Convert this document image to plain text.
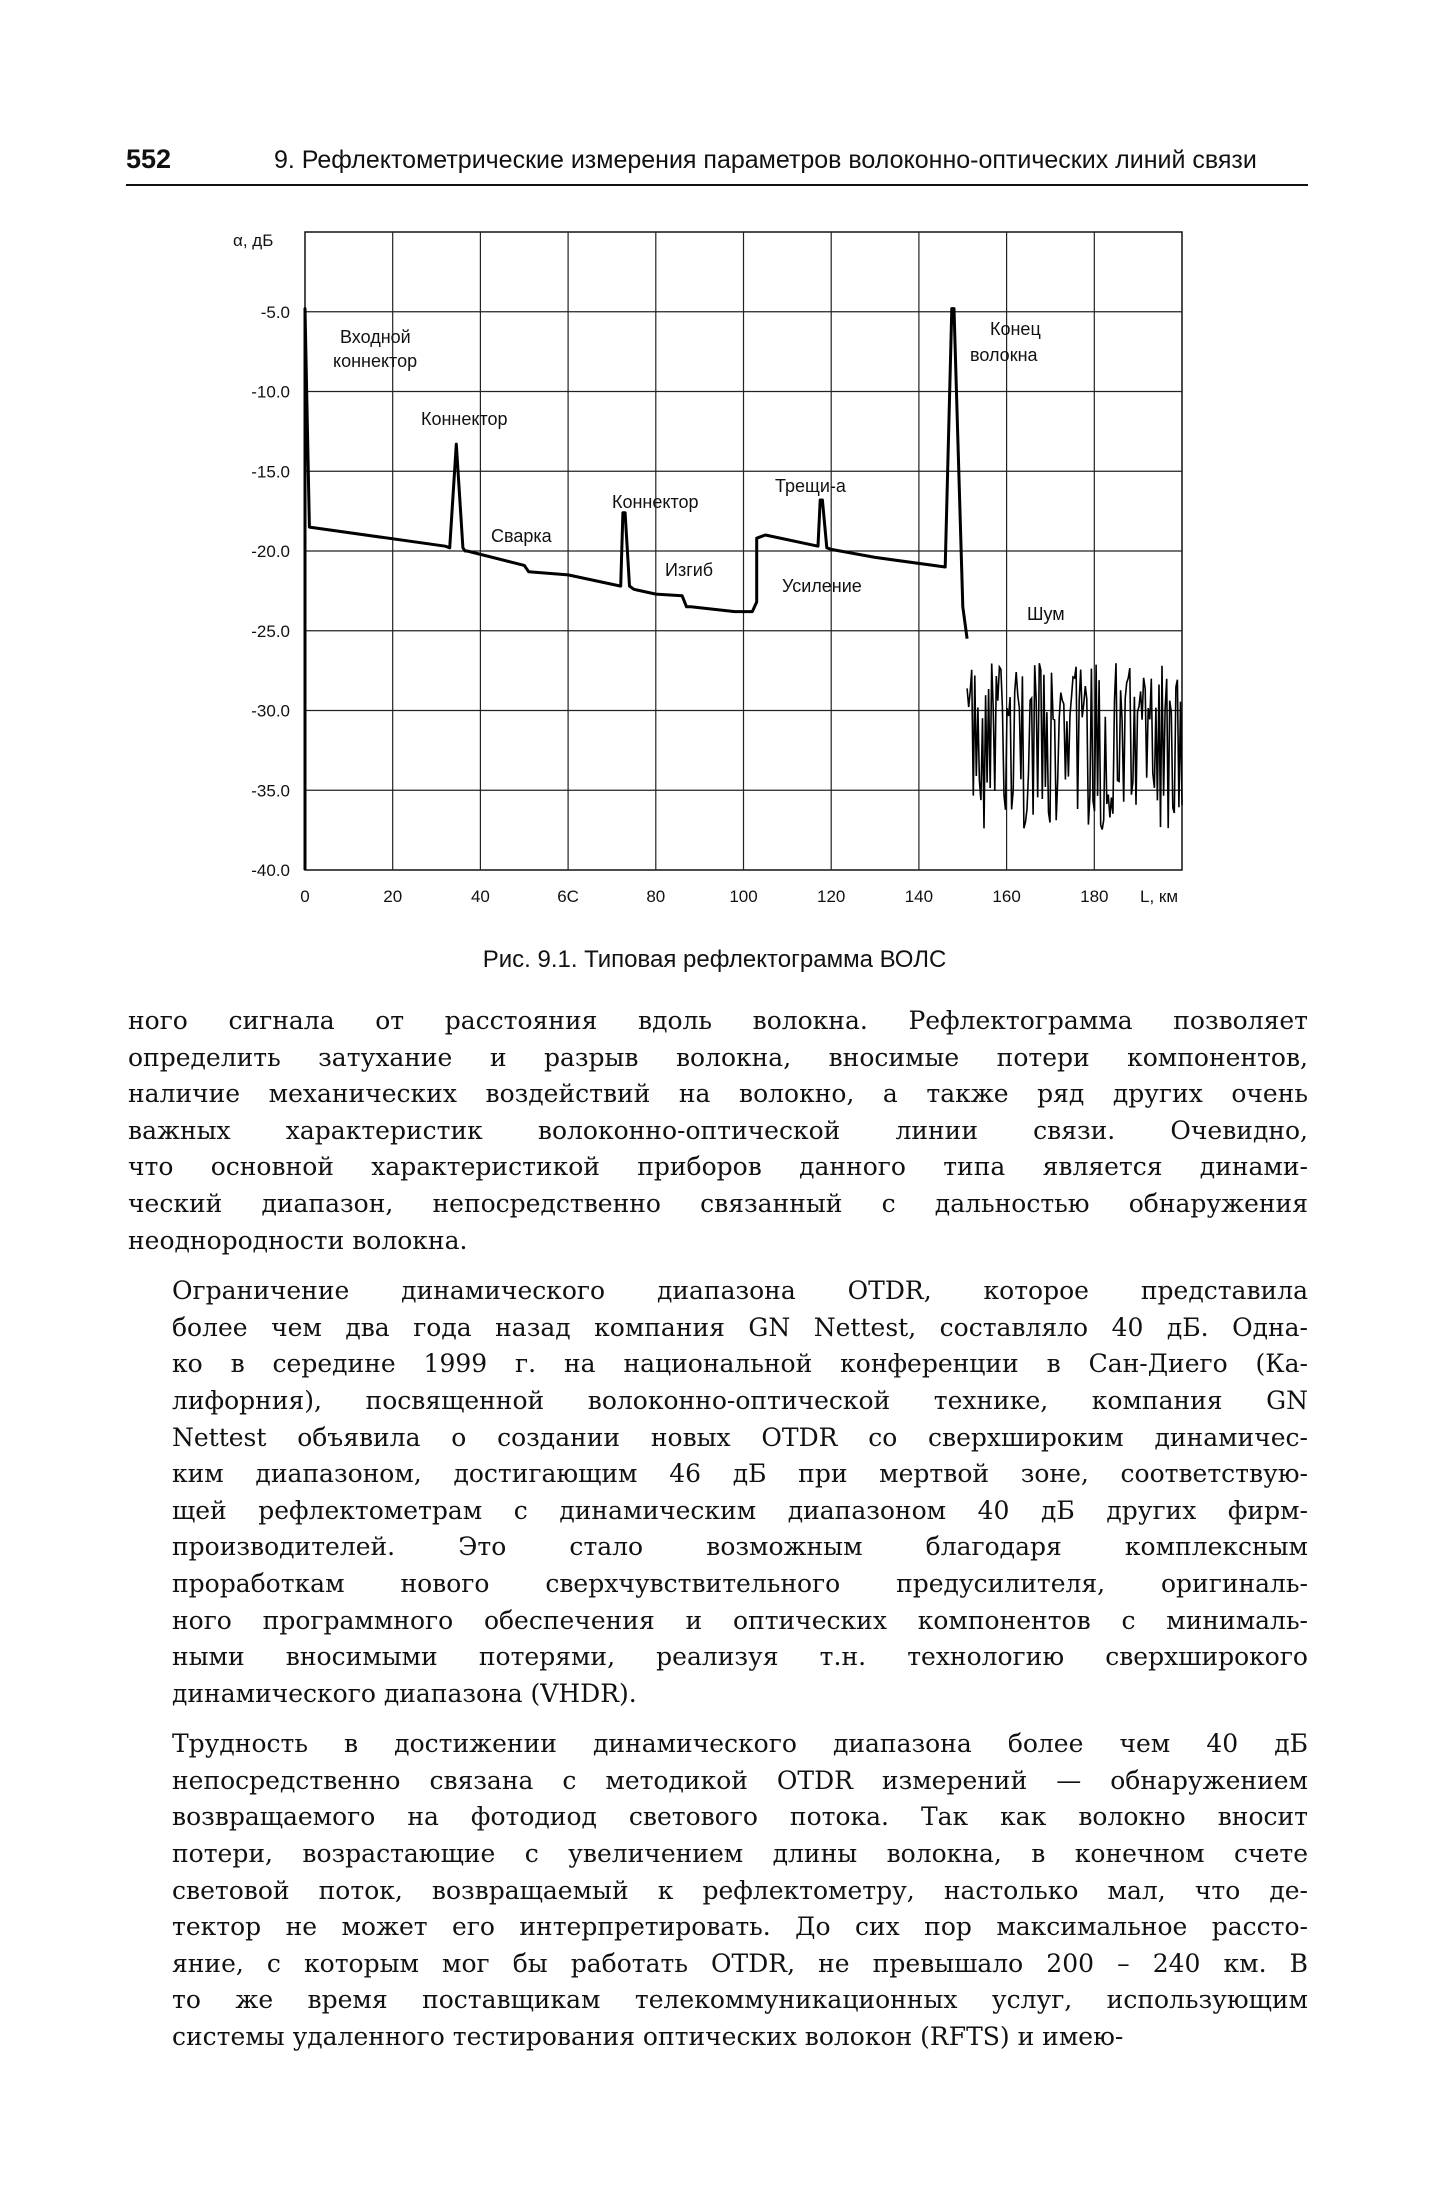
552	9. Рефлектометрические измерения параметров волоконно-оптических линий связи
0	20	40	6C	80	100	120	140	160	180
-5.0
-10.0
-15.0
-20.0
-25.0
-30.0
-35.0
-40.0
α, дБ
L, км
Входной
коннектор
Коннектор
Сварка
Коннектор
Изгиб
Трещи-а
Усиление
Конец
волокна
Шум
Рис. 9.1. Типовая рефлектограмма ВОЛС

ного сигнала от расстояния вдоль волокна. Рефлектограмма позволяет
определить затухание и разрыв волокна, вносимые потери компонентов,
наличие механических воздействий на волокно, а также ряд других очень
важных характеристик волоконно-оптической линии связи. Очевидно,
что основной характеристикой приборов данного типа является динами-
ческий диапазон, непосредственно связанный с дальностью обнаружения
неоднородности волокна.

Ограничение динамического диапазона OTDR, которое представила
более чем два года назад компания GN Nettest, составляло 40 дБ. Одна-
ко в середине 1999 г. на национальной конференции в Сан-Диего (Ка-
лифорния), посвященной волоконно-оптической технике, компания GN
Nettest объявила о создании новых OTDR со сверхшироким динамичес-
ким диапазоном, достигающим 46 дБ при мертвой зоне, соответствую-
щей рефлектометрам с динамическим диапазоном 40 дБ других фирм-
производителей. Это стало возможным благодаря комплексным
проработкам нового сверхчувствительного предусилителя, оригиналь-
ного программного обеспечения и оптических компонентов с минималь-
ными вносимыми потерями, реализуя т.н. технологию сверхширокого
динамического диапазона (VHDR).

Трудность в достижении динамического диапазона более чем 40 дБ
непосредственно связана с методикой OTDR измерений — обнаружением
возвращаемого на фотодиод светового потока. Так как волокно вносит
потери, возрастающие с увеличением длины волокна, в конечном счете
световой поток, возвращаемый к рефлектометру, настолько мал, что де-
тектор не может его интерпретировать. До сих пор максимальное рассто-
яние, с которым мог бы работать OTDR, не превышало 200 – 240 км. В
то же время поставщикам телекоммуникационных услуг, использующим
системы удаленного тестирования оптических волокон (RFTS) и имею-
